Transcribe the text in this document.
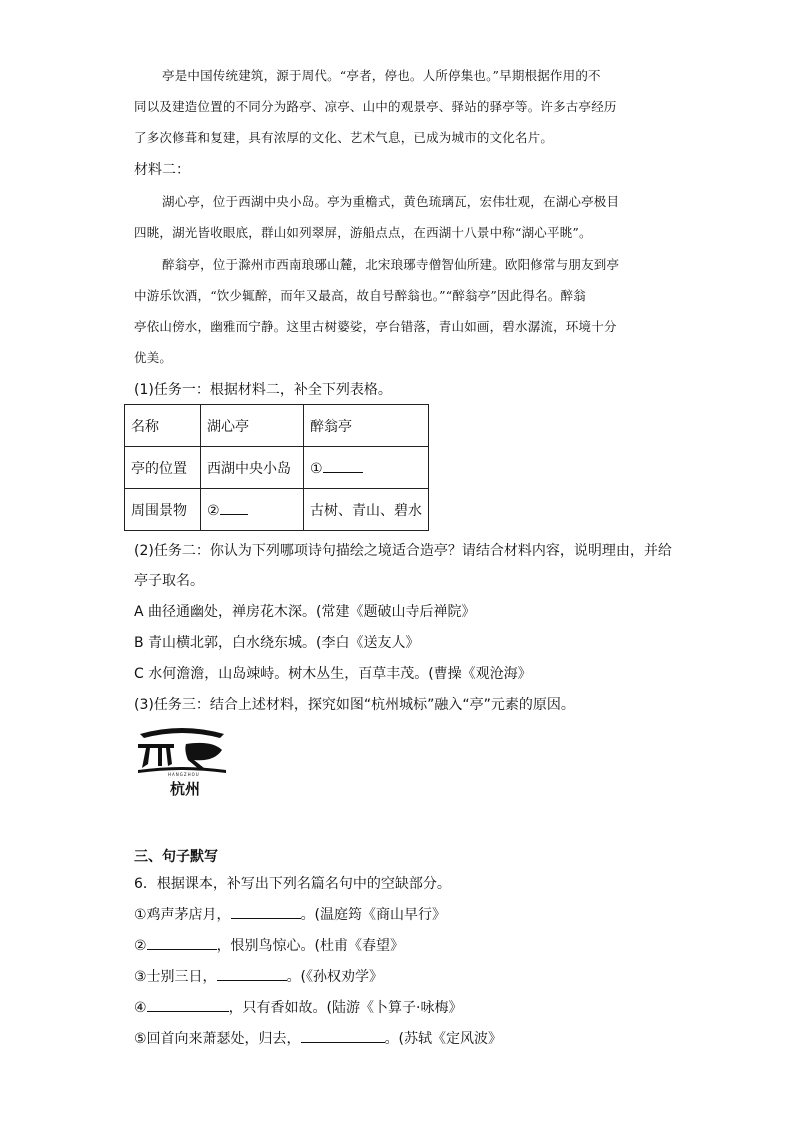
亭是中国传统建筑，源于周代。“亭者，停也。人所停集也。”早期根据作用的不
同以及建造位置的不同分为路亭、凉亭、山中的观景亭、驿站的驿亭等。许多古亭经历
了多次修葺和复建，具有浓厚的文化、艺术气息，已成为城市的文化名片。
材料二：
湖心亭，位于西湖中央小岛。亭为重檐式，黄色琉璃瓦，宏伟壮观，在湖心亭极目
四眺，湖光皆收眼底，群山如列翠屏，游船点点，在西湖十八景中称“湖心平眺”。
醉翁亭，位于滁州市西南琅琊山麓，北宋琅琊寺僧智仙所建。欧阳修常与朋友到亭
中游乐饮酒，“饮少辄醉，而年又最高，故自号醉翁也。”“醉翁亭”因此得名。醉翁
亭依山傍水，幽雅而宁静。这里古树婆娑，亭台错落，青山如画，碧水潺流，环境十分
优美。
(1)任务一：根据材料二，补全下列表格。
名称	湖心亭	醉翁亭
亭的位置	西湖中央小岛	①
周围景物	②	古树、青山、碧水
(2)任务二：你认为下列哪项诗句描绘之境适合造亭？请结合材料内容，说明理由，并给
亭子取名。
A 曲径通幽处，禅房花木深。(常建《题破山寺后禅院》
B 青山横北郭，白水绕东城。(李白《送友人》
C 水何澹澹，山岛竦峙。树木丛生，百草丰茂。(曹操《观沧海》
(3)任务三：结合上述材料，探究如图“杭州城标”融入“亭”元素的原因。
HANGZHOU
杭州
三、句子默写
6．根据课本，补写出下列名篇名句中的空缺部分。
①鸡声茅店月，	。(温庭筠《商山早行》
②	，恨别鸟惊心。(杜甫《春望》
③士别三日，	。(《孙权劝学》
④	，只有香如故。(陆游《卜算子·咏梅》
⑤回首向来萧瑟处，归去，	。(苏轼《定风波》
